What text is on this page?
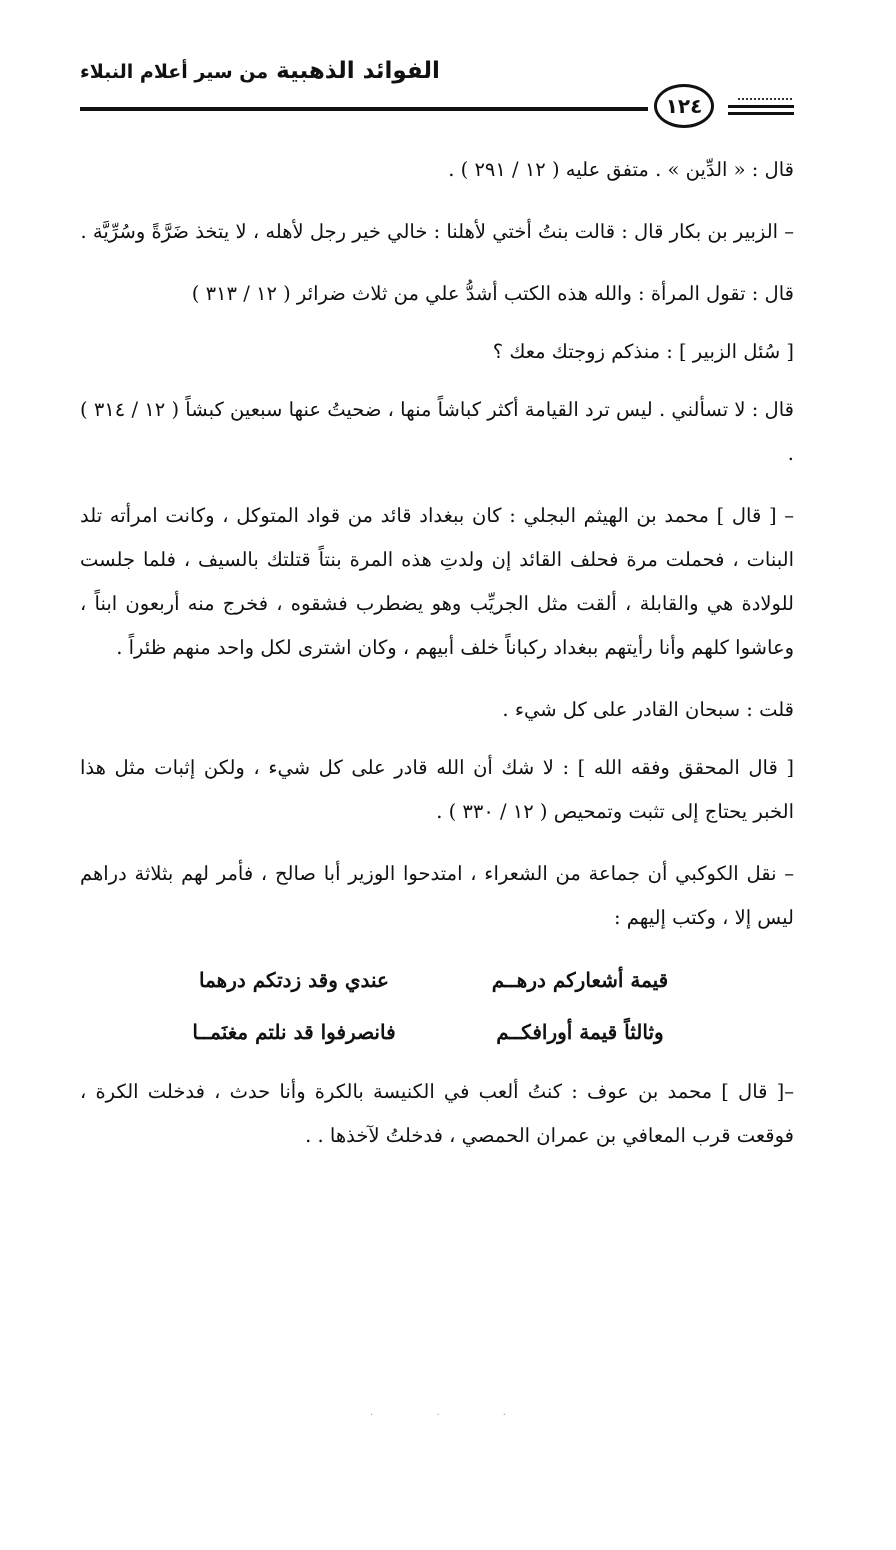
الفوائد الذهبية من سير أعلام النبلاء
١٢٤

قال : « الدِّين » . متفق عليه ( ١٢ / ٢٩١ ) .

– الزبير بن بكار قال : قالت بنتُ أختي لأهلنا : خالي خير رجل لأهله ، لا يتخذ ضَرَّةً وسُرِّيَّة .

قال : تقول المرأة : والله هذه الكتب أشدُّ علي من ثلاث ضرائر ( ١٢ / ٣١٣ )

[ سُئل الزبير ] : منذكم زوجتك معك ؟

قال : لا تسألني . ليس ترد القيامة أكثر كباشاً منها ، ضحيتُ عنها سبعين كبشاً ( ١٢ / ٣١٤ ) .

– [ قال ] محمد بن الهيثم البجلي : كان ببغداد قائد من قواد المتوكل ، وكانت امرأته تلد البنات ، فحملت مرة فحلف القائد إن ولدتِ هذه المرة بنتاً قتلتك بالسيف ، فلما جلست للولادة هي والقابلة ، ألقت مثل الجريِّب وهو يضطرب فشقوه ، فخرج منه أربعون ابناً ، وعاشوا كلهم وأنا رأيتهم ببغداد ركباناً خلف أبيهم ، وكان اشترى لكل واحد منهم ظئراً .

قلت : سبحان القادر على كل شيء .

[ قال المحقق وفقه الله ] : لا شك أن الله قادر على كل شيء ، ولكن إثبات مثل هذا الخبر يحتاج إلى تثبت وتمحيص ( ١٢ / ٣٣٠ ) .

– نقل الكوكبي أن جماعة من الشعراء ، امتدحوا الوزير أبا صالح ، فأمر لهم بثلاثة دراهم ليس إلا ، وكتب إليهم :

قيمة أشعاركم درهــم
عندي وقد زدتكم درهما
وثالثاً قيمة أورافكــم
فانصرفوا قد نلتم مغنَمــا

–[ قال ] محمد بن عوف : كنتُ ألعب في الكنيسة بالكرة وأنا حدث ، فدخلت الكرة ، فوقعت قرب المعافي بن عمران الحمصي ، فدخلتُ لآخذها . .

· · ·
